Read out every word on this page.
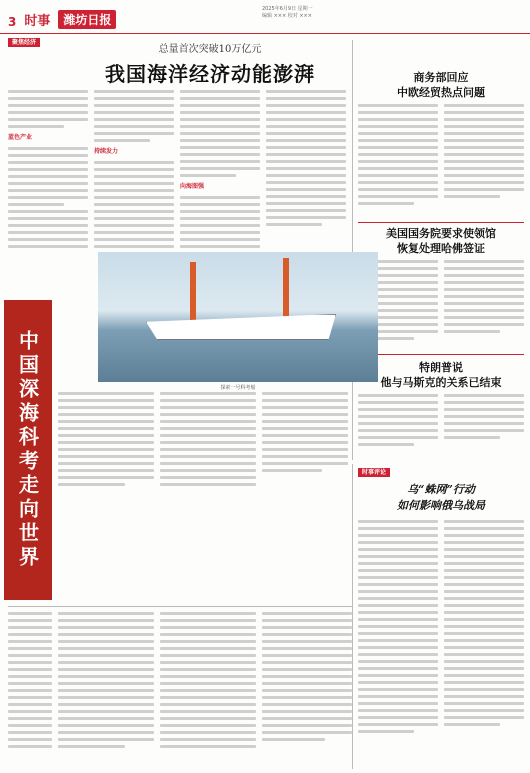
3 时事	潍坊日报
2025年6月9日 星期一
编辑 ××× 校对 ×××
聚焦经济
总量首次突破10万亿元
我国海洋经济动能澎湃
蓝色产业
持续发力
向海图强
商务部回应
中欧经贸热点问题
美国国务院要求使领馆
恢复处理哈佛签证
特朗普说
他与马斯克的关系已结束
探索一号科考船
中国深海科考走向世界	时事评论
乌“蛛网”行动
如何影响俄乌战局
